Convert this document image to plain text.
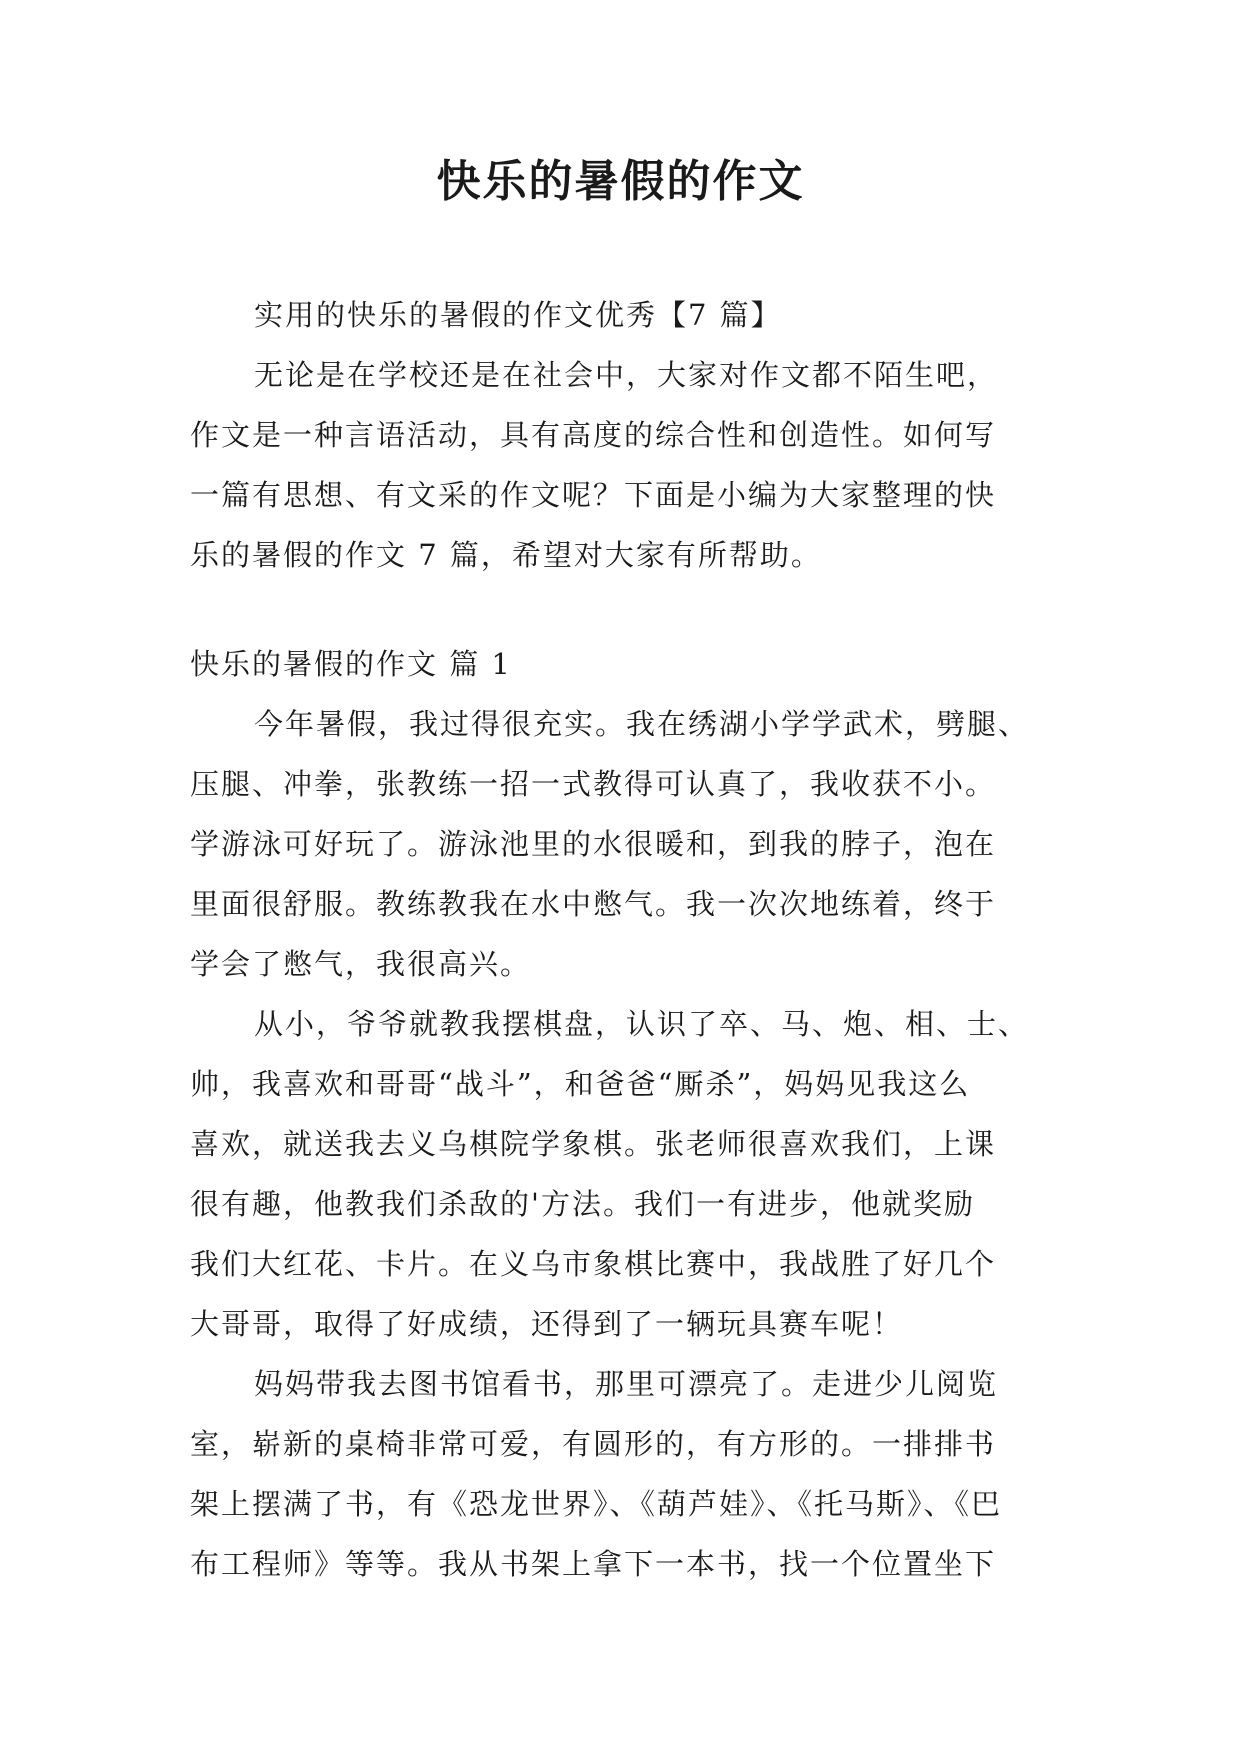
快乐的暑假的作文
实用的快乐的暑假的作文优秀【7 篇】
无论是在学校还是在社会中，大家对作文都不陌生吧，
作文是一种言语活动，具有高度的综合性和创造性。如何写
一篇有思想、有文采的作文呢？下面是小编为大家整理的快
乐的暑假的作文 7 篇，希望对大家有所帮助。
快乐的暑假的作文 篇 1
今年暑假，我过得很充实。我在绣湖小学学武术，劈腿、
压腿、冲拳，张教练一招一式教得可认真了，我收获不小。
学游泳可好玩了。游泳池里的水很暖和，到我的脖子，泡在
里面很舒服。教练教我在水中憋气。我一次次地练着，终于
学会了憋气，我很高兴。
从小，爷爷就教我摆棋盘，认识了卒、马、炮、相、士、
帅，我喜欢和哥哥“战斗”，和爸爸“厮杀”，妈妈见我这么
喜欢，就送我去义乌棋院学象棋。张老师很喜欢我们，上课
很有趣，他教我们杀敌的'方法。我们一有进步，他就奖励
我们大红花、卡片。在义乌市象棋比赛中，我战胜了好几个
大哥哥，取得了好成绩，还得到了一辆玩具赛车呢！
妈妈带我去图书馆看书，那里可漂亮了。走进少儿阅览
室，崭新的桌椅非常可爱，有圆形的，有方形的。一排排书
架上摆满了书，有《恐龙世界》、《葫芦娃》、《托马斯》、《巴
布工程师》等等。我从书架上拿下一本书，找一个位置坐下
